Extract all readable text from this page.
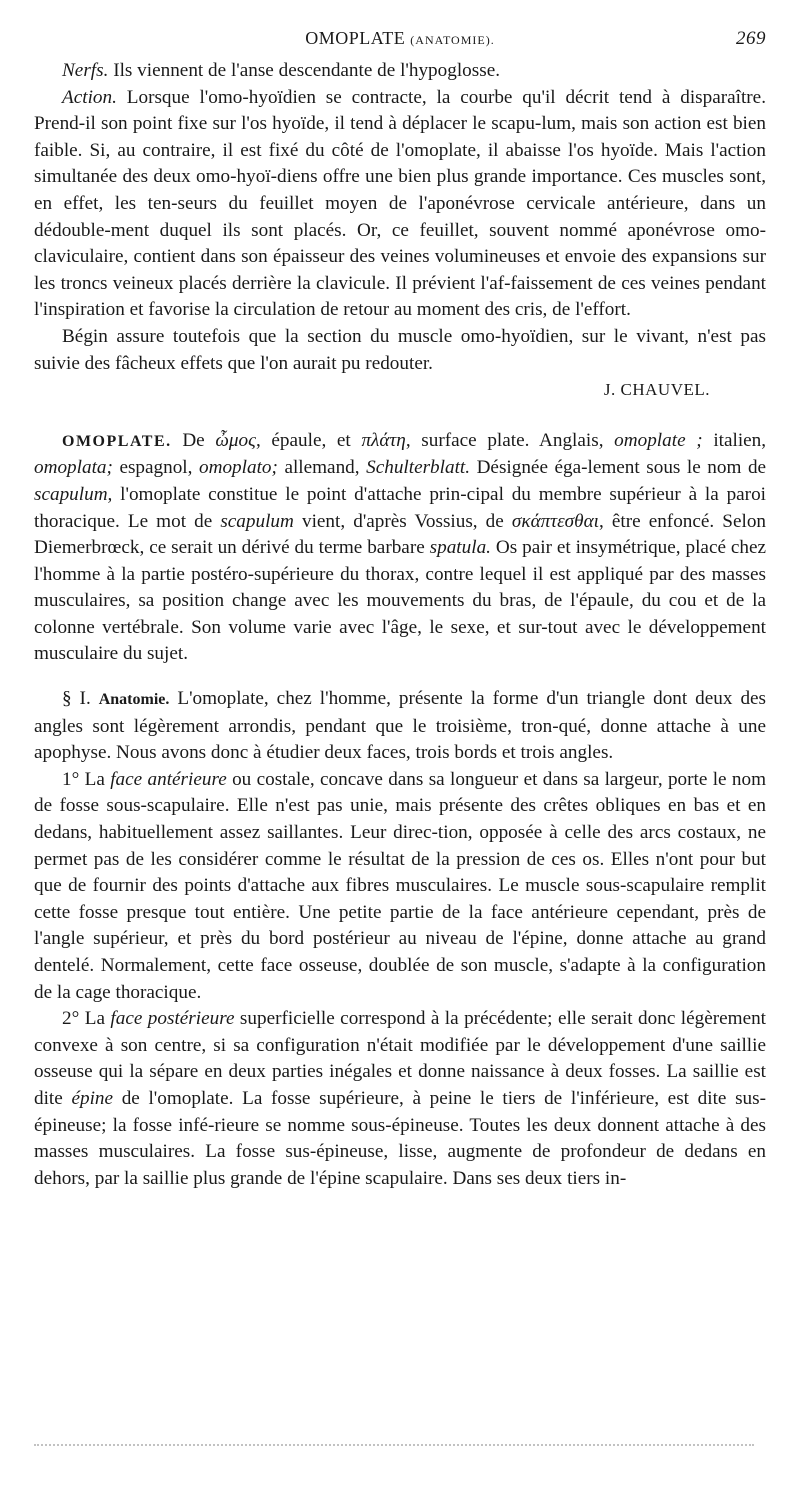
OMOPLATE (ANATOMIE).	269

Nerfs. Ils viennent de l'anse descendante de l'hypoglosse.

Action. Lorsque l'omo-hyoïdien se contracte, la courbe qu'il décrit tend à disparaître. Prend-il son point fixe sur l'os hyoïde, il tend à déplacer le scapu-lum, mais son action est bien faible. Si, au contraire, il est fixé du côté de l'omoplate, il abaisse l'os hyoïde. Mais l'action simultanée des deux omo-hyoï-diens offre une bien plus grande importance. Ces muscles sont, en effet, les ten-seurs du feuillet moyen de l'aponévrose cervicale antérieure, dans un dédouble-ment duquel ils sont placés. Or, ce feuillet, souvent nommé aponévrose omo-claviculaire, contient dans son épaisseur des veines volumineuses et envoie des expansions sur les troncs veineux placés derrière la clavicule. Il prévient l'af-faissement de ces veines pendant l'inspiration et favorise la circulation de retour au moment des cris, de l'effort.

Bégin assure toutefois que la section du muscle omo-hyoïdien, sur le vivant, n'est pas suivie des fâcheux effets que l'on aurait pu redouter.

J. CHAUVEL.

OMOPLATE. De ὦμος, épaule, et πλάτη, surface plate. Anglais, omoplate ; italien, omoplata; espagnol, omoplato; allemand, Schulterblatt. Désignée éga-lement sous le nom de scapulum, l'omoplate constitue le point d'attache prin-cipal du membre supérieur à la paroi thoracique. Le mot de scapulum vient, d'après Vossius, de σκάπτεσθαι, être enfoncé. Selon Diemerbrœck, ce serait un dérivé du terme barbare spatula. Os pair et insymétrique, placé chez l'homme à la partie postéro-supérieure du thorax, contre lequel il est appliqué par des masses musculaires, sa position change avec les mouvements du bras, de l'épaule, du cou et de la colonne vertébrale. Son volume varie avec l'âge, le sexe, et sur-tout avec le développement musculaire du sujet.

§ I. Anatomie. L'omoplate, chez l'homme, présente la forme d'un triangle dont deux des angles sont légèrement arrondis, pendant que le troisième, tron-qué, donne attache à une apophyse. Nous avons donc à étudier deux faces, trois bords et trois angles.

1° La face antérieure ou costale, concave dans sa longueur et dans sa largeur, porte le nom de fosse sous-scapulaire. Elle n'est pas unie, mais présente des crêtes obliques en bas et en dedans, habituellement assez saillantes. Leur direc-tion, opposée à celle des arcs costaux, ne permet pas de les considérer comme le résultat de la pression de ces os. Elles n'ont pour but que de fournir des points d'attache aux fibres musculaires. Le muscle sous-scapulaire remplit cette fosse presque tout entière. Une petite partie de la face antérieure cependant, près de l'angle supérieur, et près du bord postérieur au niveau de l'épine, donne attache au grand dentelé. Normalement, cette face osseuse, doublée de son muscle, s'adapte à la configuration de la cage thoracique.

2° La face postérieure superficielle correspond à la précédente; elle serait donc légèrement convexe à son centre, si sa configuration n'était modifiée par le développement d'une saillie osseuse qui la sépare en deux parties inégales et donne naissance à deux fosses. La saillie est dite épine de l'omoplate. La fosse supérieure, à peine le tiers de l'inférieure, est dite sus-épineuse; la fosse infé-rieure se nomme sous-épineuse. Toutes les deux donnent attache à des masses musculaires. La fosse sus-épineuse, lisse, augmente de profondeur de dedans en dehors, par la saillie plus grande de l'épine scapulaire. Dans ses deux tiers in-
